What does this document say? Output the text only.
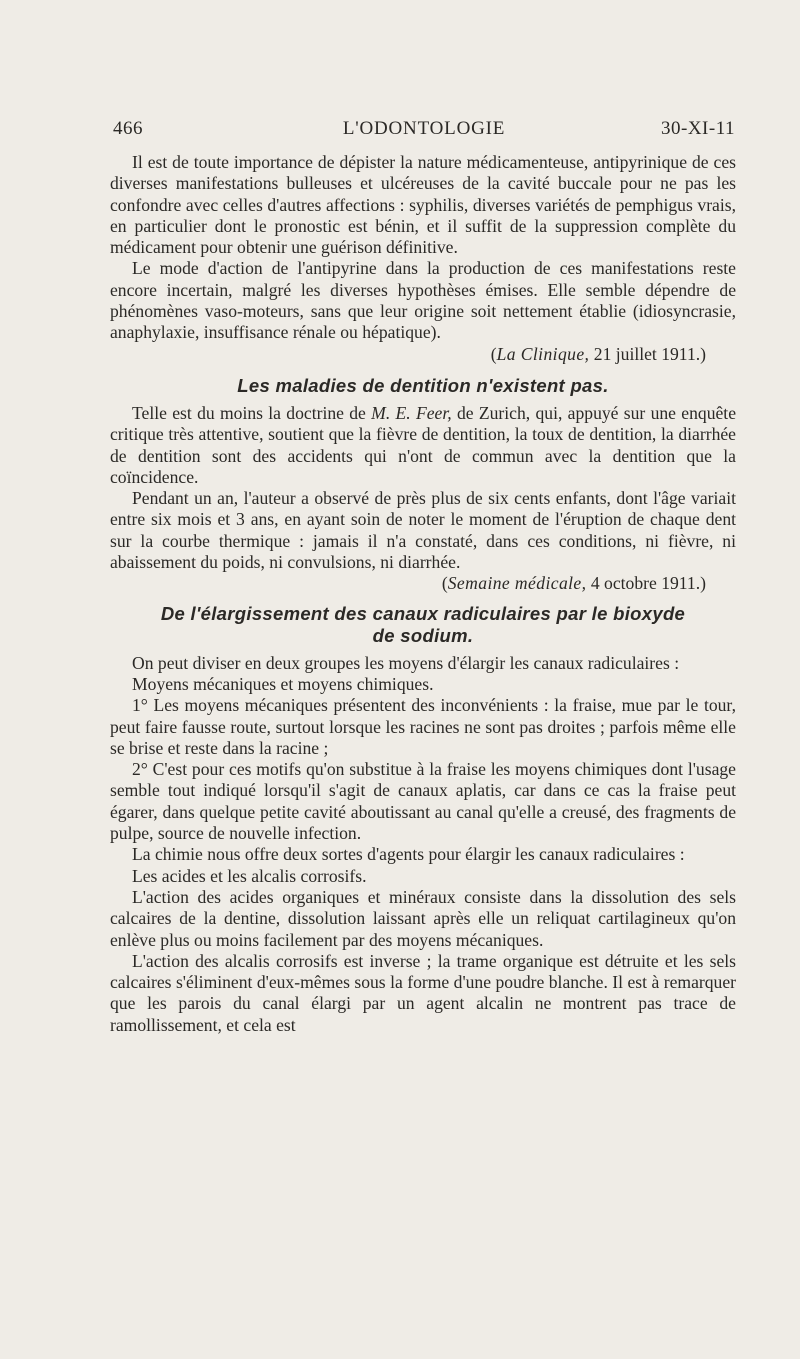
466	L'ODONTOLOGIE	30-XI-11

Il est de toute importance de dépister la nature médicamenteuse, antipyrinique de ces diverses manifestations bulleuses et ulcéreuses de la cavité buccale pour ne pas les confondre avec celles d'autres affections : syphilis, diverses variétés de pemphigus vrais, en particulier dont le pronostic est bénin, et il suffit de la suppression complète du médicament pour obtenir une guérison définitive.

Le mode d'action de l'antipyrine dans la production de ces manifestations reste encore incertain, malgré les diverses hypothèses émises. Elle semble dépendre de phénomènes vaso-moteurs, sans que leur origine soit nettement établie (idiosyncrasie, anaphylaxie, insuffisance rénale ou hépatique).

(La Clinique, 21 juillet 1911.)

Les maladies de dentition n'existent pas.

Telle est du moins la doctrine de M. E. Feer, de Zurich, qui, appuyé sur une enquête critique très attentive, soutient que la fièvre de dentition, la toux de dentition, la diarrhée de dentition sont des accidents qui n'ont de commun avec la dentition que la coïncidence.

Pendant un an, l'auteur a observé de près plus de six cents enfants, dont l'âge variait entre six mois et 3 ans, en ayant soin de noter le moment de l'éruption de chaque dent sur la courbe thermique : jamais il n'a constaté, dans ces conditions, ni fièvre, ni abaissement du poids, ni convulsions, ni diarrhée.

(Semaine médicale, 4 octobre 1911.)

De l'élargissement des canaux radiculaires par le bioxyde
de sodium.

On peut diviser en deux groupes les moyens d'élargir les canaux radiculaires :

Moyens mécaniques et moyens chimiques.

1° Les moyens mécaniques présentent des inconvénients : la fraise, mue par le tour, peut faire fausse route, surtout lorsque les racines ne sont pas droites ; parfois même elle se brise et reste dans la racine ;

2° C'est pour ces motifs qu'on substitue à la fraise les moyens chimiques dont l'usage semble tout indiqué lorsqu'il s'agit de canaux aplatis, car dans ce cas la fraise peut égarer, dans quelque petite cavité aboutissant au canal qu'elle a creusé, des fragments de pulpe, source de nouvelle infection.

La chimie nous offre deux sortes d'agents pour élargir les canaux radiculaires :

Les acides et les alcalis corrosifs.

L'action des acides organiques et minéraux consiste dans la dissolution des sels calcaires de la dentine, dissolution laissant après elle un reliquat cartilagineux qu'on enlève plus ou moins facilement par des moyens mécaniques.

L'action des alcalis corrosifs est inverse ; la trame organique est détruite et les sels calcaires s'éliminent d'eux-mêmes sous la forme d'une poudre blanche. Il est à remarquer que les parois du canal élargi par un agent alcalin ne montrent pas trace de ramollissement, et cela est
